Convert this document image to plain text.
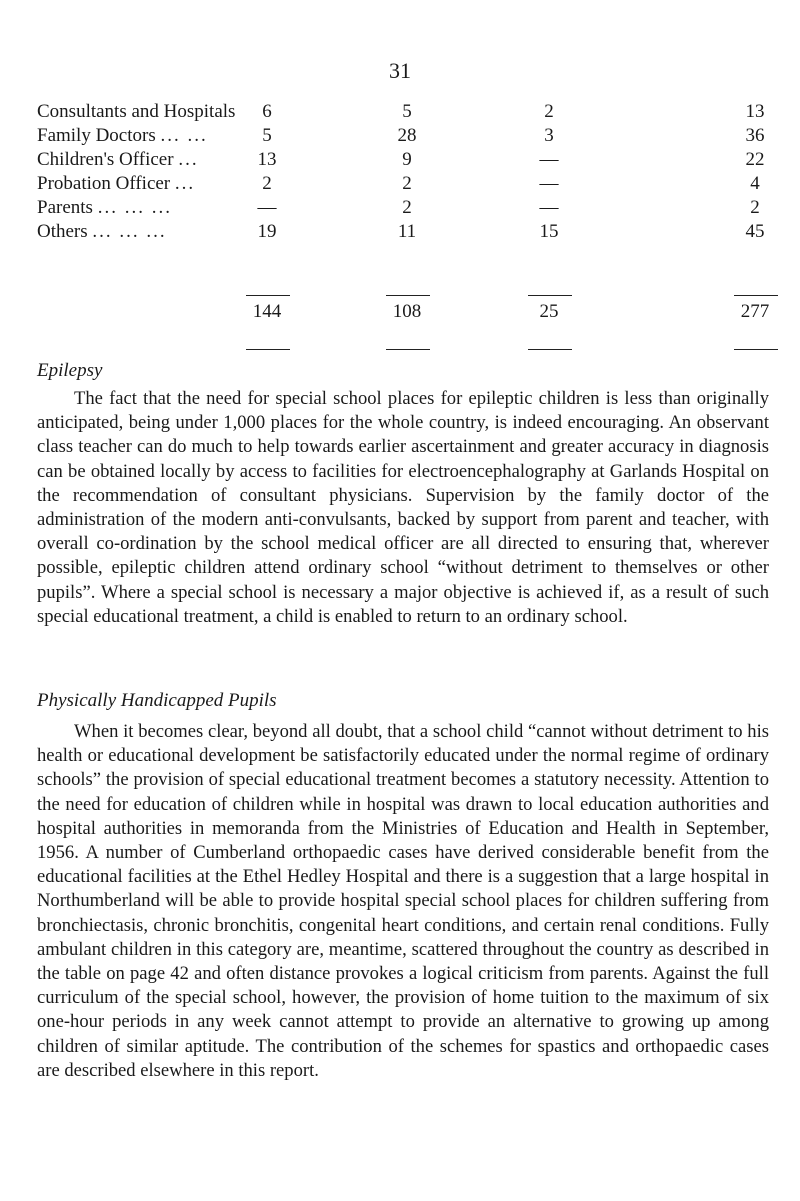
31
Consultants and Hospitals	6	5	2	13
Family Doctors ... ...	5	28	3	36
Children's Officer ...	13	9	—	22
Probation Officer ...	2	2	—	4
Parents ... ... ...	—	2	—	2
Others ... ... ...	19	11	15	45
144	108	25	277
Epilepsy

The fact that the need for special school places for epileptic children is less than originally anticipated, being under 1,000 places for the whole country, is indeed encouraging. An observant class teacher can do much to help towards earlier ascertainment and greater accuracy in diagnosis can be obtained locally by access to facilities for electroencephalography at Garlands Hospital on the recommendation of consultant physicians. Supervision by the family doctor of the administration of the modern anti-convulsants, backed by support from parent and teacher, with overall co-ordination by the school medical officer are all directed to ensuring that, wherever possible, epileptic children attend ordinary school “without detriment to themselves or other pupils”. Where a special school is necessary a major objective is achieved if, as a result of such special educational treatment, a child is enabled to return to an ordinary school.

Physically Handicapped Pupils

When it becomes clear, beyond all doubt, that a school child “cannot without detriment to his health or educational development be satisfactorily educated under the normal regime of ordinary schools” the provision of special educational treatment becomes a statutory necessity. Attention to the need for education of children while in hospital was drawn to local education authorities and hospital authorities in memoranda from the Ministries of Education and Health in September, 1956. A number of Cumberland orthopaedic cases have derived considerable benefit from the educational facilities at the Ethel Hedley Hospital and there is a suggestion that a large hospital in Northumberland will be able to provide hospital special school places for children suffering from bronchiectasis, chronic bronchitis, congenital heart conditions, and certain renal conditions. Fully ambulant children in this category are, meantime, scattered throughout the country as described in the table on page 42 and often distance provokes a logical criticism from parents. Against the full curriculum of the special school, however, the provision of home tuition to the maximum of six one-hour periods in any week cannot attempt to provide an alternative to growing up among children of similar aptitude. The contribution of the schemes for spastics and orthopaedic cases are described elsewhere in this report.
